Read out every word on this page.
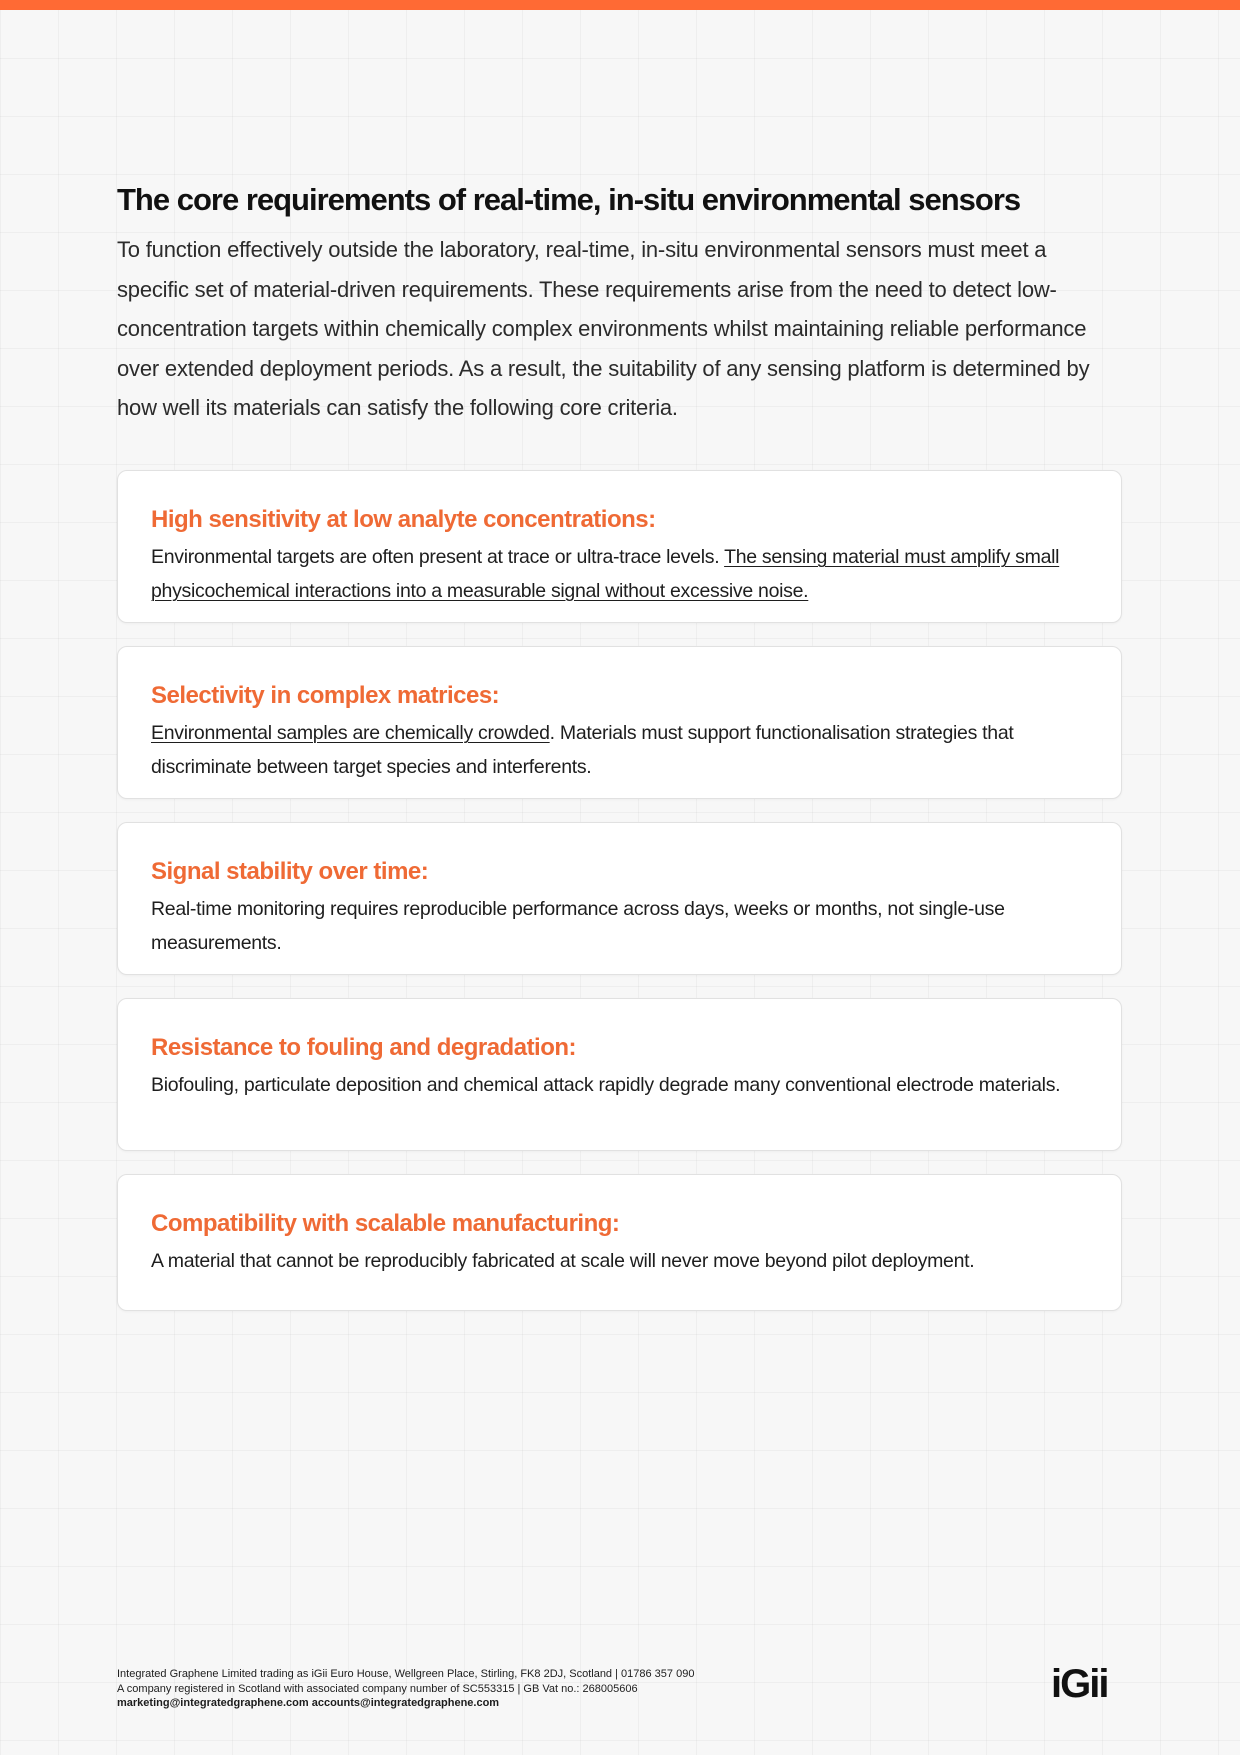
The core requirements of real-time, in-situ environmental sensors

To function effectively outside the laboratory, real-time, in-situ environmental sensors must meet a specific set of material-driven requirements. These requirements arise from the need to detect low-concentration targets within chemically complex environments whilst maintaining reliable performance over extended deployment periods. As a result, the suitability of any sensing platform is determined by how well its materials can satisfy the following core criteria.

High sensitivity at low analyte concentrations:

Environmental targets are often present at trace or ultra-trace levels. The sensing material must amplify small physicochemical interactions into a measurable signal without excessive noise.

Selectivity in complex matrices:

Environmental samples are chemically crowded. Materials must support functionalisation strategies that discriminate between target species and interferents.

Signal stability over time:

Real-time monitoring requires reproducible performance across days, weeks or months, not single-use measurements.

Resistance to fouling and degradation:

Biofouling, particulate deposition and chemical attack rapidly degrade many conventional electrode materials.

Compatibility with scalable manufacturing:

A material that cannot be reproducibly fabricated at scale will never move beyond pilot deployment.

Integrated Graphene Limited trading as iGii Euro House, Wellgreen Place, Stirling, FK8 2DJ, Scotland | 01786 357 090
A company registered in Scotland with associated company number of SC553315 | GB Vat no.: 268005606
marketing@integratedgraphene.com accounts@integratedgraphene.com	iGii
